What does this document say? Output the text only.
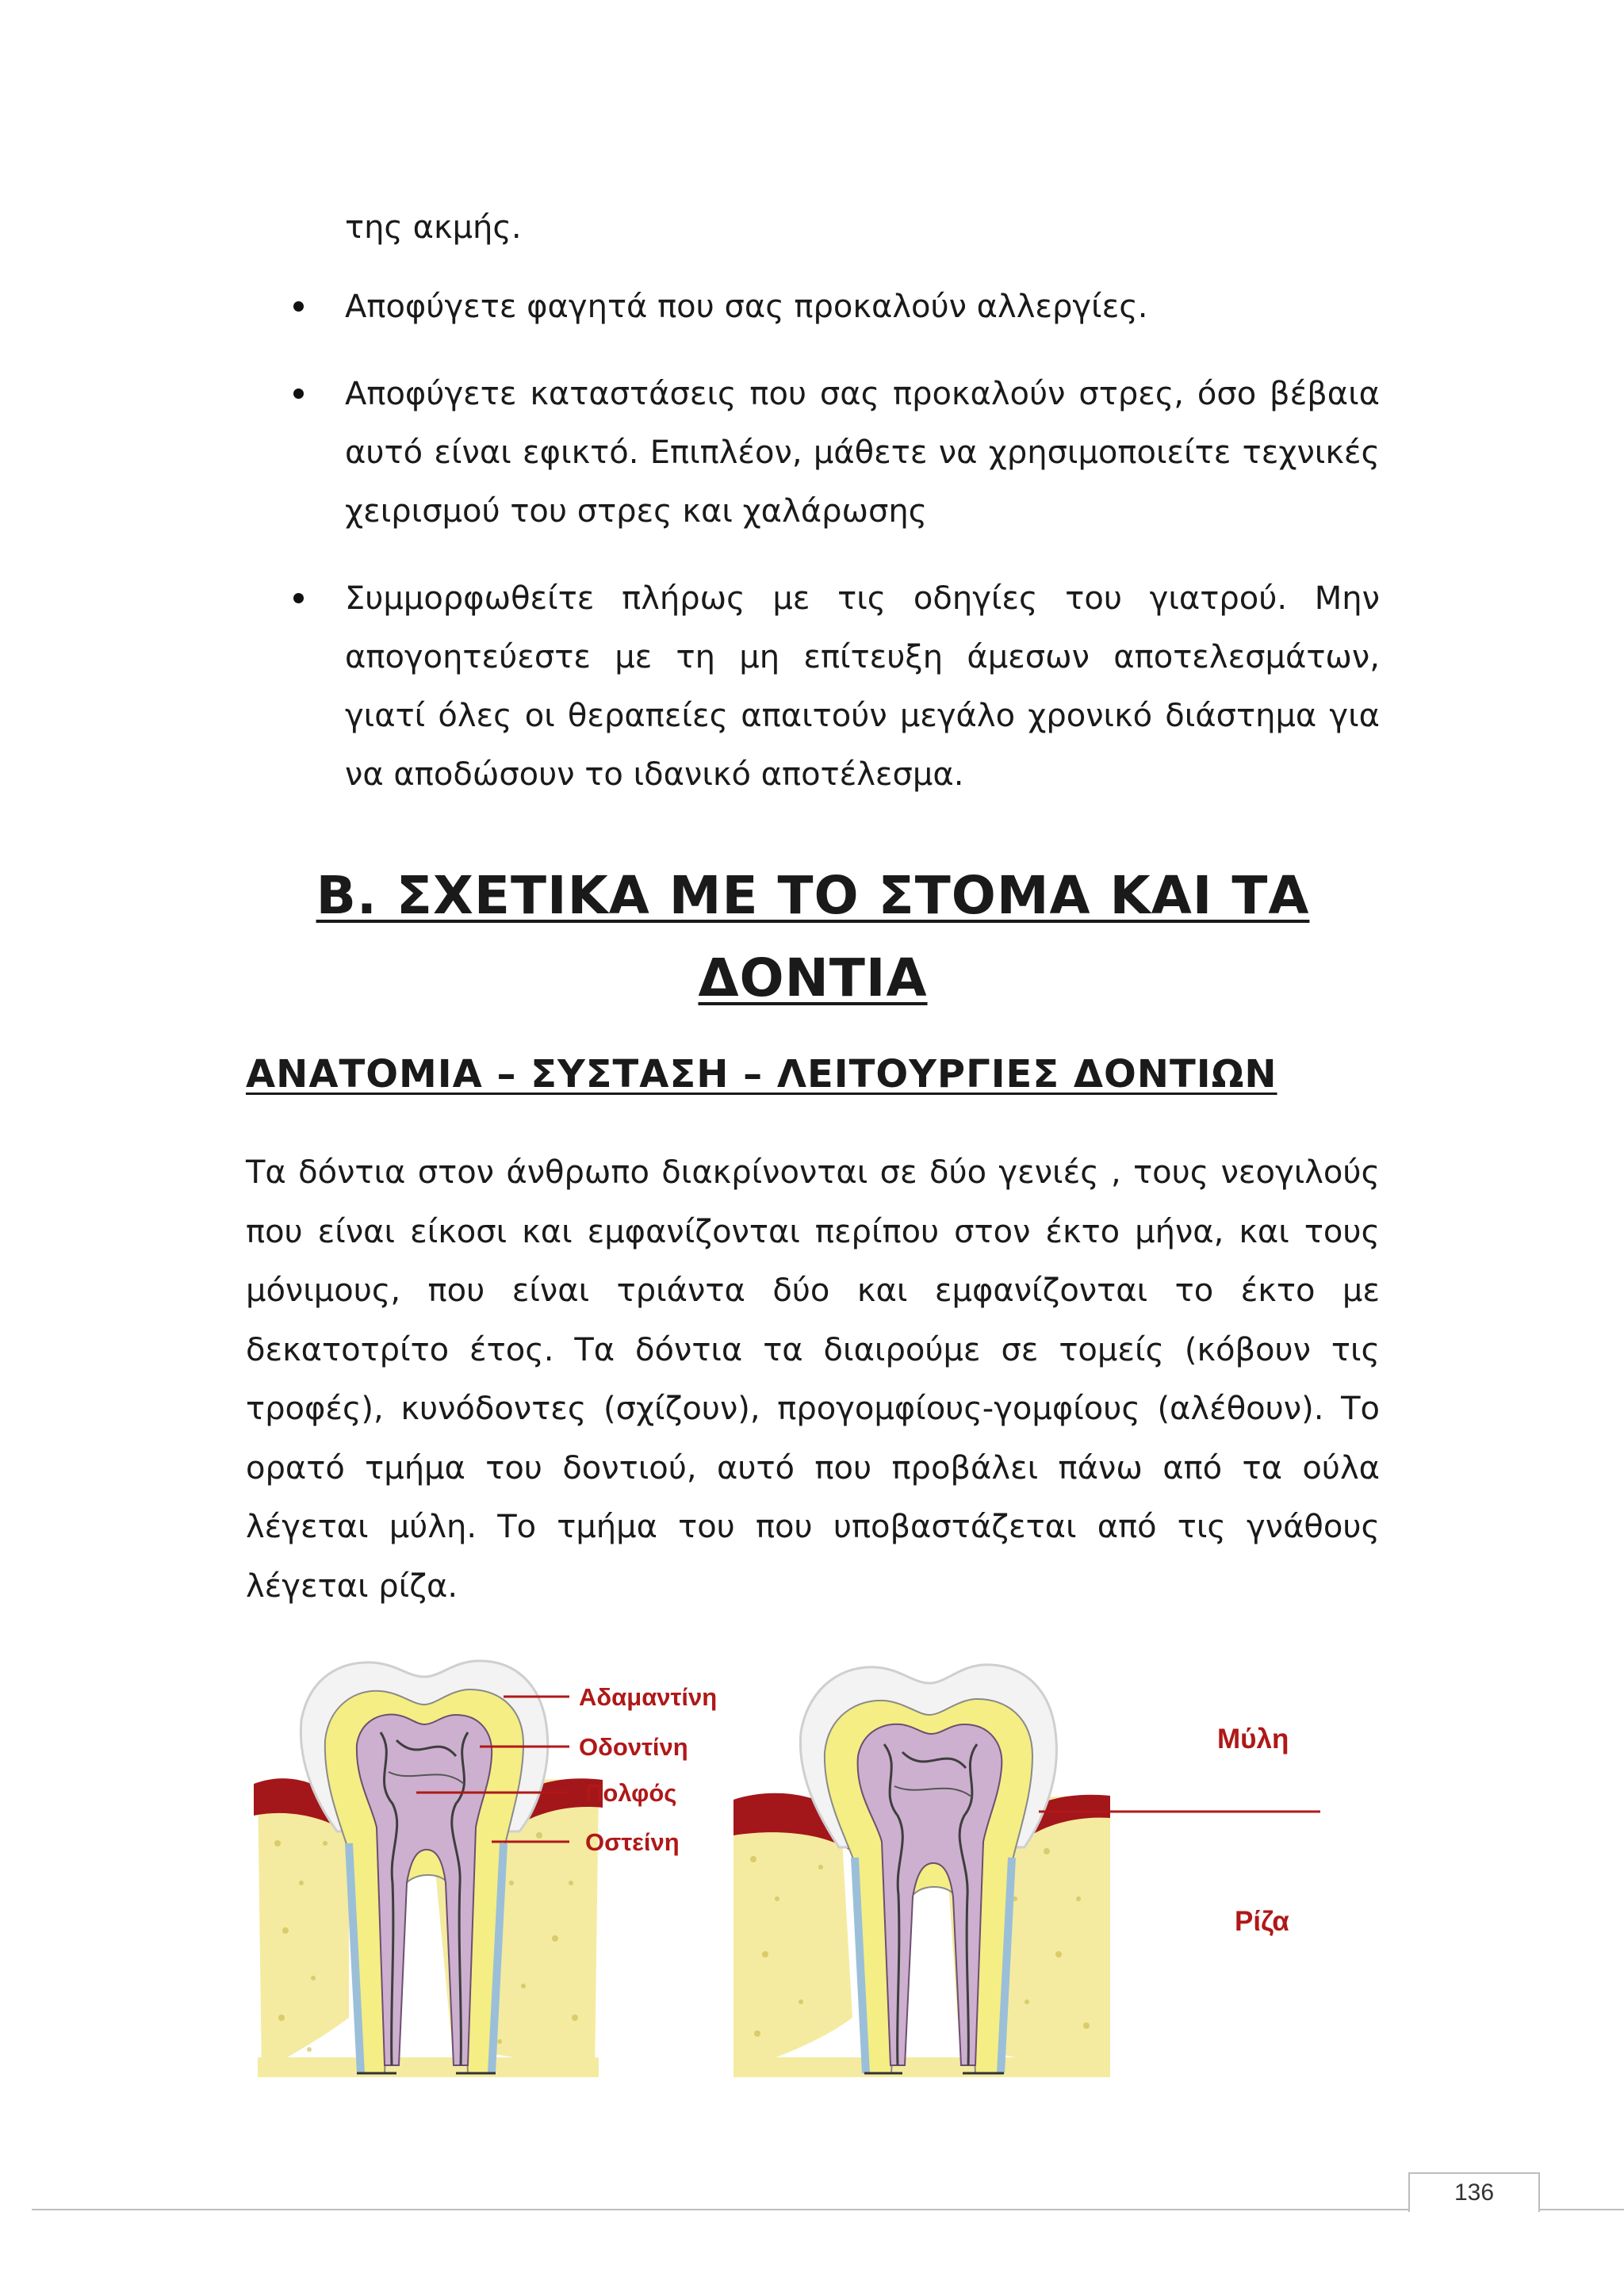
της ακμής.
Αποφύγετε φαγητά που σας προκαλούν αλλεργίες.
Αποφύγετε καταστάσεις που σας προκαλούν στρες, όσο βέβαια αυτό είναι εφικτό. Επιπλέον, μάθετε να χρησιμοποιείτε τεχνικές χειρισμού του στρες και χαλάρωσης
Συμμορφωθείτε πλήρως με τις οδηγίες του γιατρού. Μην απογοητεύεστε με τη μη επίτευξη άμεσων αποτελεσμάτων, γιατί όλες οι θεραπείες απαιτούν μεγάλο χρονικό διάστημα για να αποδώσουν το ιδανικό αποτέλεσμα.
Β. ΣΧΕΤΙΚΑ ΜΕ ΤΟ ΣΤΟΜΑ ΚΑΙ ΤΑ
ΔΟΝΤΙΑ
ΑΝΑΤΟΜΙΑ – ΣΥΣΤΑΣΗ – ΛΕΙΤΟΥΡΓΙΕΣ ΔΟΝΤΙΩΝ

Τα δόντια στον άνθρωπο διακρίνονται σε δύο γενιές , τους νεογιλούς που είναι είκοσι και εμφανίζονται περίπου στον έκτο μήνα, και τους μόνιμους, που είναι τριάντα δύο και εμφανίζονται το έκτο με δεκατοτρίτο έτος. Τα δόντια τα διαιρούμε σε τομείς (κόβουν τις τροφές), κυνόδοντες (σχίζουν), προγομφίους-γομφίους (αλέθουν). Το ορατό τμήμα του δοντιού, αυτό που προβάλει πάνω από τα ούλα λέγεται μύλη. Το τμήμα του που υποβαστάζεται από τις γνάθους λέγεται ρίζα.

Αδαμαντίνη
Οδοντίνη
Πολφός
Οστείνη
Μύλη
Ρίζα
136
